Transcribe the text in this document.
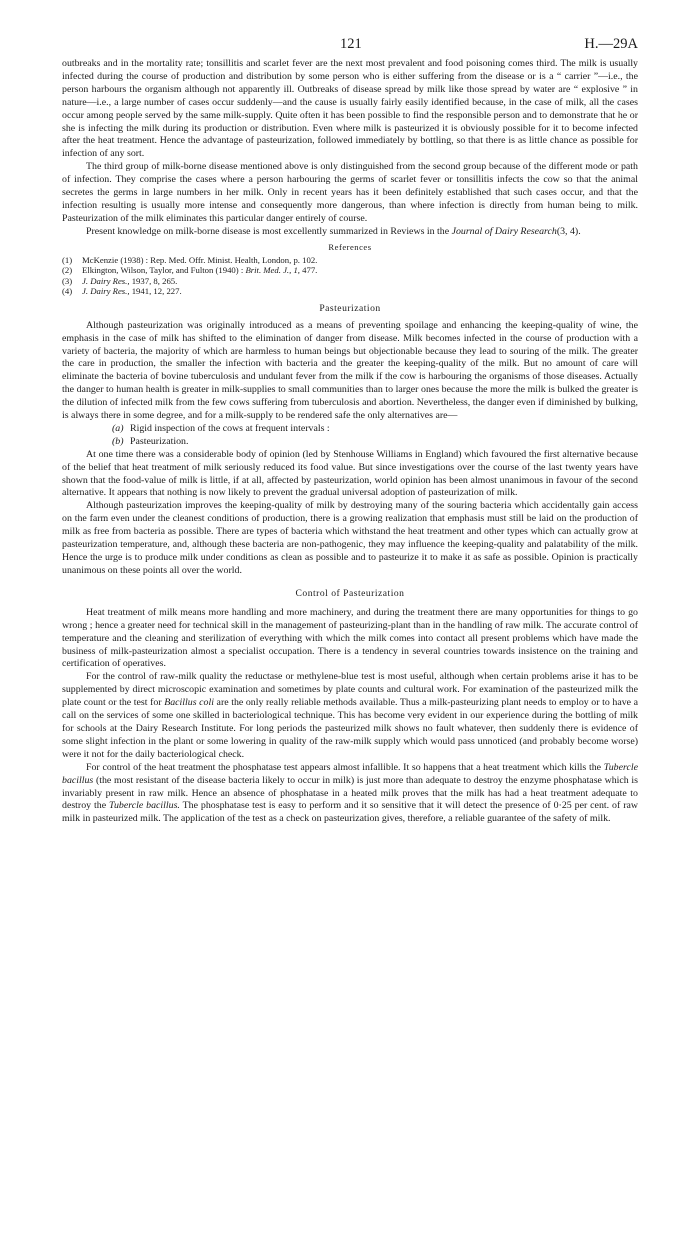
121	H.—29A

outbreaks and in the mortality rate; tonsillitis and scarlet fever are the next most prevalent and food poisoning comes third. The milk is usually infected during the course of production and distribution by some person who is either suffering from the disease or is a “ carrier ”—i.e., the person harbours the organism although not apparently ill. Outbreaks of disease spread by milk like those spread by water are “ explosive ” in nature—i.e., a large number of cases occur suddenly—and the cause is usually fairly easily identified because, in the case of milk, all the cases occur among people served by the same milk-supply. Quite often it has been possible to find the responsible person and to demonstrate that he or she is infecting the milk during its production or distribution. Even where milk is pasteurized it is obviously possible for it to become infected after the heat treatment. Hence the advantage of pasteurization, followed immediately by bottling, so that there is as little chance as possible for infection of any sort.

The third group of milk-borne disease mentioned above is only distinguished from the second group because of the different mode or path of infection. They comprise the cases where a person harbouring the germs of scarlet fever or tonsillitis infects the cow so that the animal secretes the germs in large numbers in her milk. Only in recent years has it been definitely established that such cases occur, and that the infection resulting is usually more intense and consequently more dangerous, than where infection is directly from human being to milk. Pasteurization of the milk eliminates this particular danger entirely of course.

Present knowledge on milk-borne disease is most excellently summarized in Reviews in the Journal of Dairy Research(3, 4).

References
(1) McKenzie (1938) : Rep. Med. Offr. Minist. Health, London, p. 102.
(2) Elkington, Wilson, Taylor, and Fulton (1940) : Brit. Med. J., 1, 477.
(3) J. Dairy Res., 1937, 8, 265.
(4) J. Dairy Res., 1941, 12, 227.
Pasteurization

Although pasteurization was originally introduced as a means of preventing spoilage and enhancing the keeping-quality of wine, the emphasis in the case of milk has shifted to the elimination of danger from disease. Milk becomes infected in the course of production with a variety of bacteria, the majority of which are harmless to human beings but objectionable because they lead to souring of the milk. The greater the care in production, the smaller the infection with bacteria and the greater the keeping-quality of the milk. But no amount of care will eliminate the bacteria of bovine tuberculosis and undulant fever from the milk if the cow is harbouring the organisms of those diseases. Actually the danger to human health is greater in milk-supplies to small communities than to larger ones because the more the milk is bulked the greater is the dilution of infected milk from the few cows suffering from tuberculosis and abortion. Nevertheless, the danger even if diminished by bulking, is always there in some degree, and for a milk-supply to be rendered safe the only alternatives are—

(a) Rigid inspection of the cows at frequent intervals :
(b) Pasteurization.

At one time there was a considerable body of opinion (led by Stenhouse Williams in England) which favoured the first alternative because of the belief that heat treatment of milk seriously reduced its food value. But since investigations over the course of the last twenty years have shown that the food-value of milk is little, if at all, affected by pasteurization, world opinion has been almost unanimous in favour of the second alternative. It appears that nothing is now likely to prevent the gradual universal adoption of pasteurization of milk.

Although pasteurization improves the keeping-quality of milk by destroying many of the souring bacteria which accidentally gain access on the farm even under the cleanest conditions of production, there is a growing realization that emphasis must still be laid on the production of milk as free from bacteria as possible. There are types of bacteria which withstand the heat treatment and other types which can actually grow at pasteurization temperature, and, although these bacteria are non-pathogenic, they may influence the keeping-quality and palatability of the milk. Hence the urge is to produce milk under conditions as clean as possible and to pasteurize it to make it as safe as possible. Opinion is practically unanimous on these points all over the world.

Control of Pasteurization

Heat treatment of milk means more handling and more machinery, and during the treatment there are many opportunities for things to go wrong ; hence a greater need for technical skill in the management of pasteurizing-plant than in the handling of raw milk. The accurate control of temperature and the cleaning and sterilization of everything with which the milk comes into contact all present problems which have made the business of milk-pasteurization almost a specialist occupation. There is a tendency in several countries towards insistence on the training and certification of operatives.

For the control of raw-milk quality the reductase or methylene-blue test is most useful, although when certain problems arise it has to be supplemented by direct microscopic examination and sometimes by plate counts and cultural work. For examination of the pasteurized milk the plate count or the test for Bacillus coli are the only really reliable methods available. Thus a milk-pasteurizing plant needs to employ or to have a call on the services of some one skilled in bacteriological technique. This has become very evident in our experience during the bottling of milk for schools at the Dairy Research Institute. For long periods the pasteurized milk shows no fault whatever, then suddenly there is evidence of some slight infection in the plant or some lowering in quality of the raw-milk supply which would pass unnoticed (and probably become worse) were it not for the daily bacteriological check.

For control of the heat treatment the phosphatase test appears almost infallible. It so happens that a heat treatment which kills the Tubercle bacillus (the most resistant of the disease bacteria likely to occur in milk) is just more than adequate to destroy the enzyme phosphatase which is invariably present in raw milk. Hence an absence of phosphatase in a heated milk proves that the milk has had a heat treatment adequate to destroy the Tubercle bacillus. The phosphatase test is easy to perform and it so sensitive that it will detect the presence of 0·25 per cent. of raw milk in pasteurized milk. The application of the test as a check on pasteurization gives, therefore, a reliable guarantee of the safety of milk.
